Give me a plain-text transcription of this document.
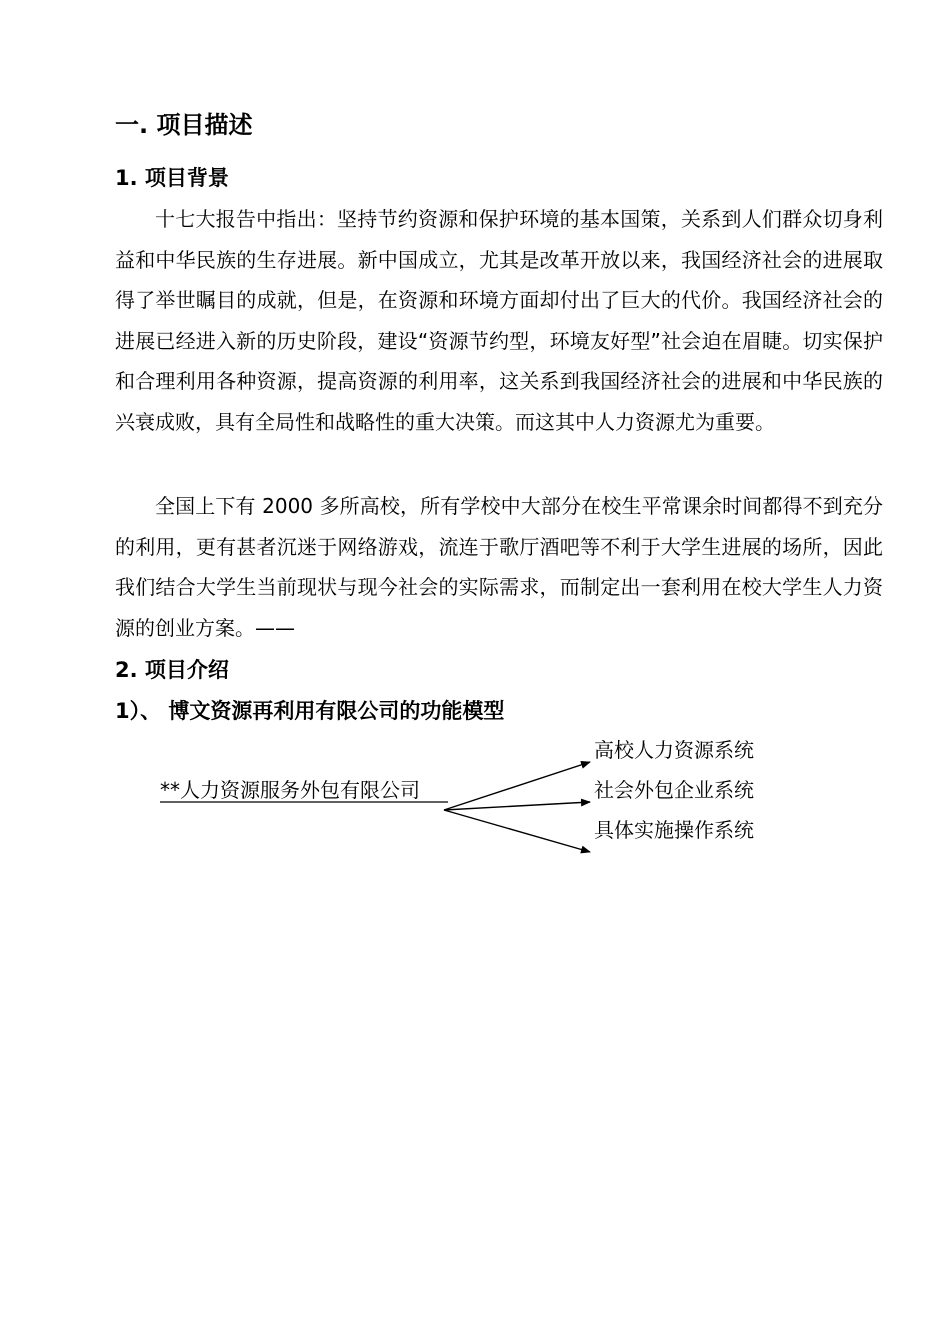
一. 项目描述
1. 项目背景

十七大报告中指出：坚持节约资源和保护环境的基本国策，关系到人们群众切身利益和中华民族的生存进展。新中国成立，尤其是改革开放以来，我国经济社会的进展取得了举世瞩目的成就，但是，在资源和环境方面却付出了巨大的代价。我国经济社会的进展已经进入新的历史阶段，建设“资源节约型，环境友好型”社会迫在眉睫。切实保护和合理利用各种资源，提高资源的利用率，这关系到我国经济社会的进展和中华民族的兴衰成败，具有全局性和战略性的重大决策。而这其中人力资源尤为重要。

全国上下有 2000 多所高校，所有学校中大部分在校生平常课余时间都得不到充分的利用，更有甚者沉迷于网络游戏，流连于歌厅酒吧等不利于大学生进展的场所，因此我们结合大学生当前现状与现今社会的实际需求，而制定出一套利用在校大学生人力资源的创业方案。——

2. 项目介绍
1）、 博文资源再利用有限公司的功能模型
**人力资源服务外包有限公司
高校人力资源系统
社会外包企业系统
具体实施操作系统
